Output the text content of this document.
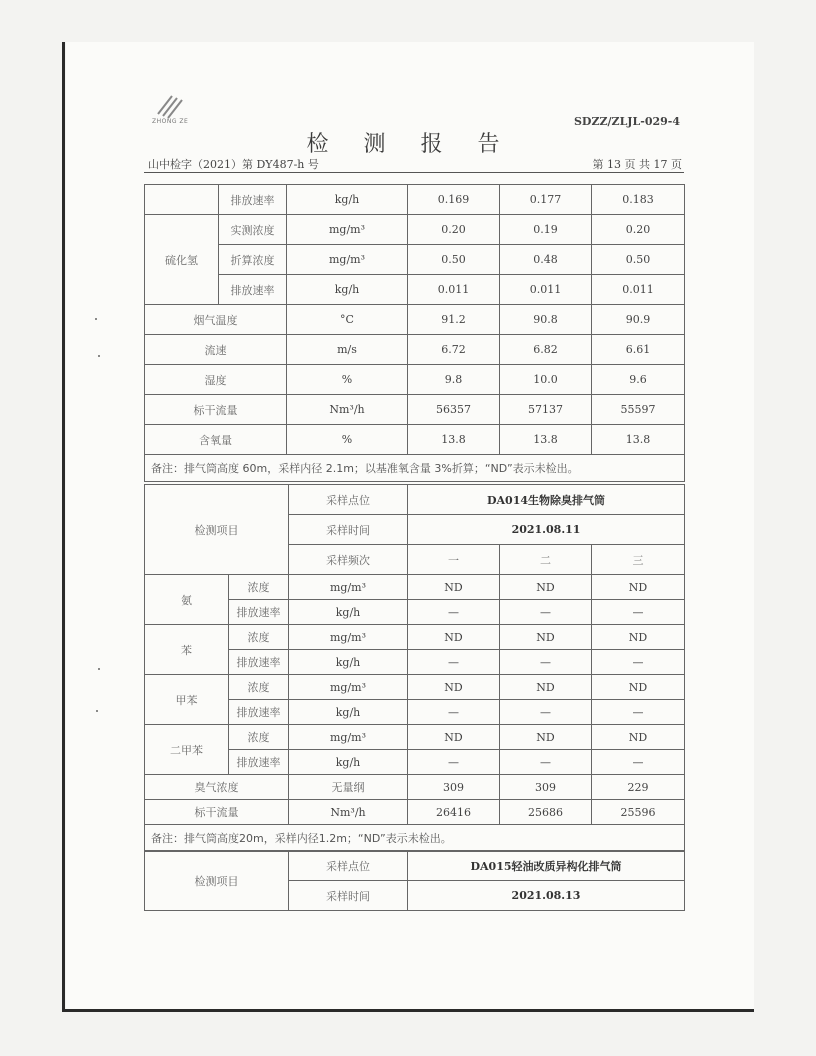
ZHONG ZE	SDZZ/ZLJL-029-4
检 测 报 告
山中检字（2021）第 DY487-h 号	第 13 页 共 17 页
	排放速率	kg/h	0.169	0.177	0.183
硫化氢	实测浓度	mg/m³	0.20	0.19	0.20
	折算浓度	mg/m³	0.50	0.48	0.50
	排放速率	kg/h	0.011	0.011	0.011
烟气温度		°C	91.2	90.8	90.9
流速		m/s	6.72	6.82	6.61
湿度		%	9.8	10.0	9.6
标干流量		Nm³/h	56357	57137	55597
含氧量		%	13.8	13.8	13.8
备注：排气筒高度 60m，采样内径 2.1m；以基准氧含量 3%折算；“ND”表示未检出。					
检测项目		采样点位	DA014生物除臭排气筒		
		采样时间	2021.08.11		
		采样频次	一	二	三
氨	浓度	mg/m³	ND	ND	ND
	排放速率	kg/h	—	—	—
苯	浓度	mg/m³	ND	ND	ND
	排放速率	kg/h	—	—	—
甲苯	浓度	mg/m³	ND	ND	ND
	排放速率	kg/h	—	—	—
二甲苯	浓度	mg/m³	ND	ND	ND
	排放速率	kg/h	—	—	—
臭气浓度		无量纲	309	309	229
标干流量		Nm³/h	26416	25686	25596
备注：排气筒高度20m，采样内径1.2m；“ND”表示未检出。					
检测项目	采样点位	DA015轻油改质异构化排气筒
	采样时间	2021.08.13
